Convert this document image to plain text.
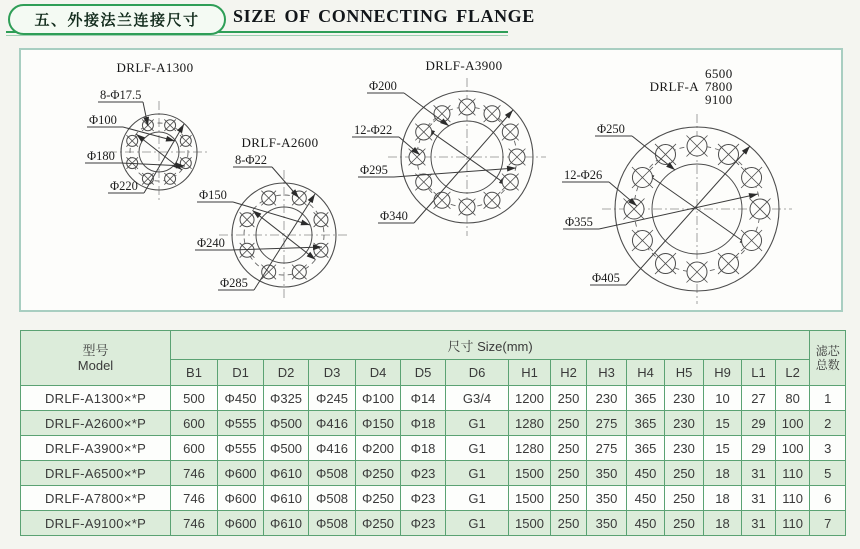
五、外接法兰连接尺寸	SIZE OF CONNECTING FLANGE
8-Φ17.5
Φ100
Φ180
Φ220
DRLF-A1300
8-Φ22
Φ150
Φ240
Φ285
DRLF-A2600
Φ200
12-Φ22
Φ295
Φ340
DRLF-A3900
Φ250
12-Φ26
Φ355
Φ405
DRLF-A
6500
7800
9100
型号
Model
	尺寸 Size(mm)	滤芯
总数

	B1	D1	D2	D3	D4	D5	D6	H1	H2	H3	H4	H5	H9	L1	L2	
DRLF-A1300×*P	500	Φ450	Φ325	Φ245	Φ100	Φ14	G3/4	1200	250	230	365	230	10	27	80	1
DRLF-A2600×*P	600	Φ555	Φ500	Φ416	Φ150	Φ18	G1	1280	250	275	365	230	15	29	100	2
DRLF-A3900×*P	600	Φ555	Φ500	Φ416	Φ200	Φ18	G1	1280	250	275	365	230	15	29	100	3
DRLF-A6500×*P	746	Φ600	Φ610	Φ508	Φ250	Φ23	G1	1500	250	350	450	250	18	31	110	5
DRLF-A7800×*P	746	Φ600	Φ610	Φ508	Φ250	Φ23	G1	1500	250	350	450	250	18	31	110	6
DRLF-A9100×*P	746	Φ600	Φ610	Φ508	Φ250	Φ23	G1	1500	250	350	450	250	18	31	110	7
